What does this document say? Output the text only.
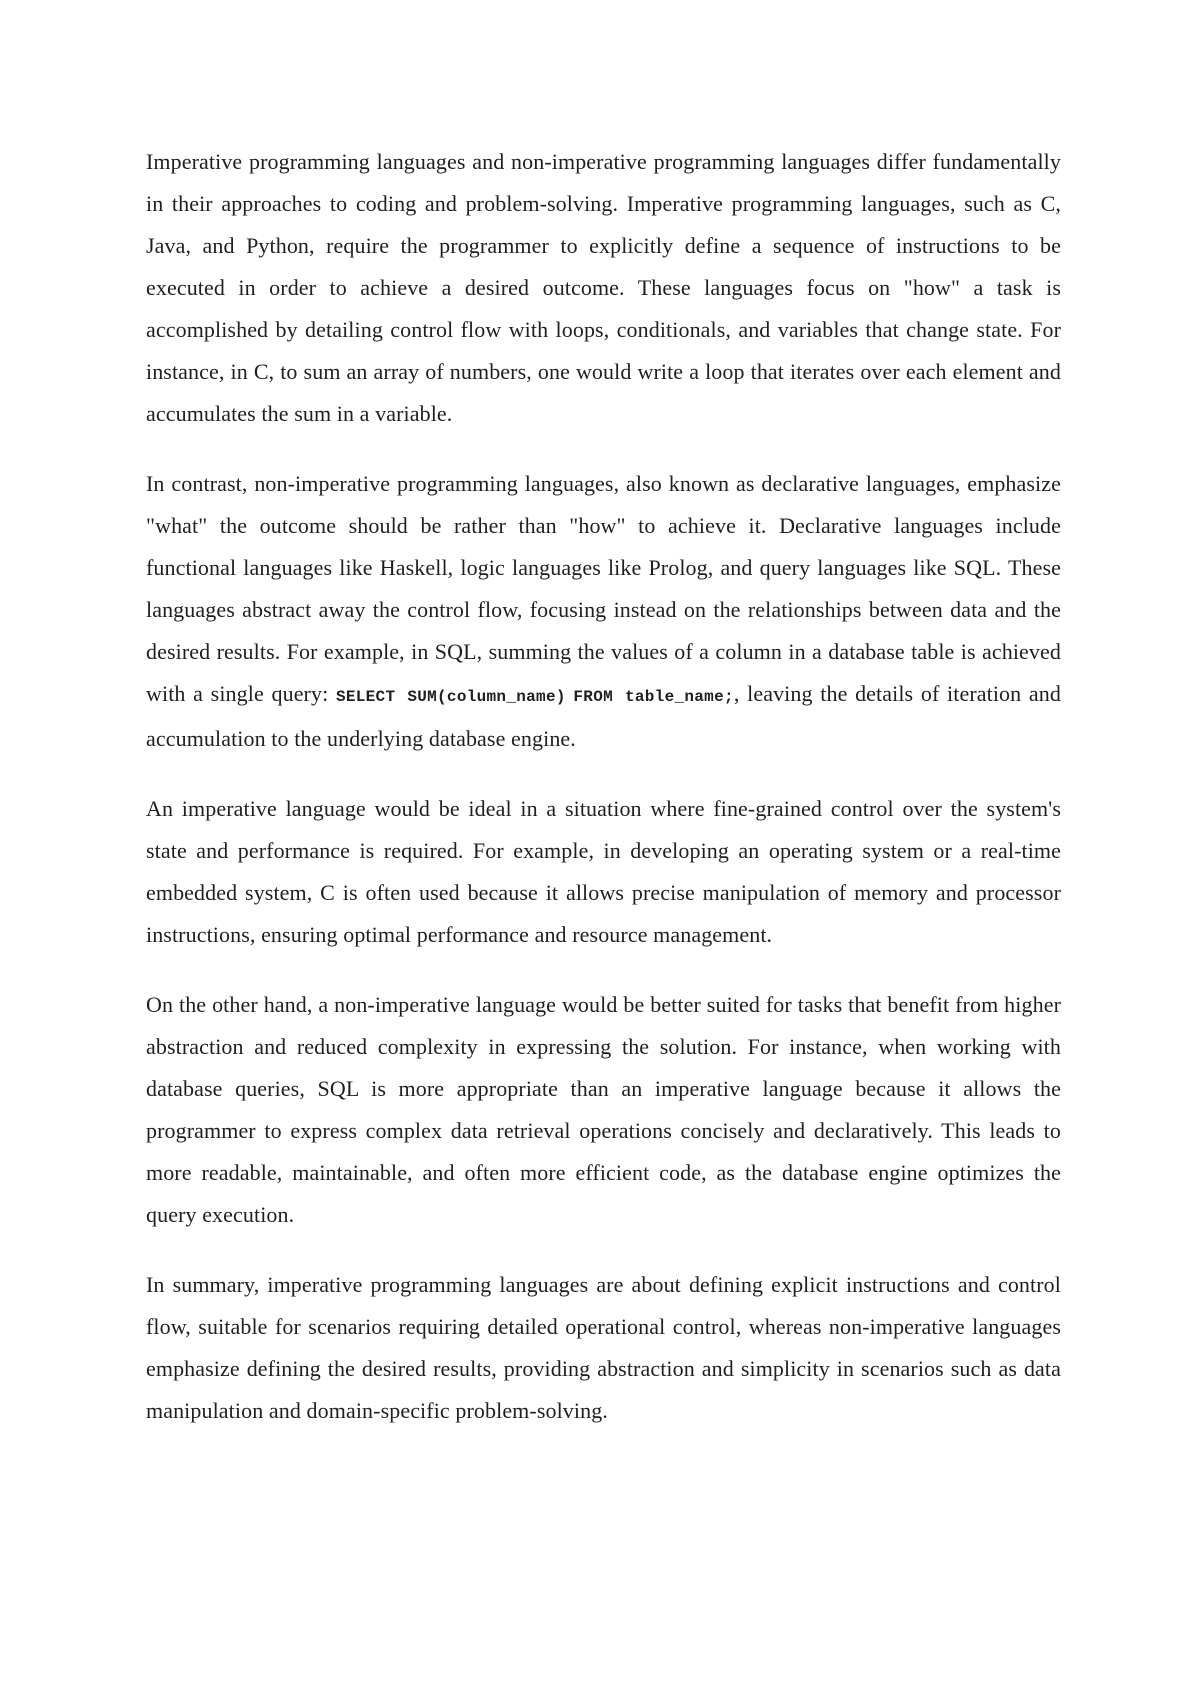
Imperative programming languages and non-imperative programming languages differ fundamentally in their approaches to coding and problem-solving. Imperative programming languages, such as C, Java, and Python, require the programmer to explicitly define a sequence of instructions to be executed in order to achieve a desired outcome. These languages focus on "how" a task is accomplished by detailing control flow with loops, conditionals, and variables that change state. For instance, in C, to sum an array of numbers, one would write a loop that iterates over each element and accumulates the sum in a variable.

In contrast, non-imperative programming languages, also known as declarative languages, emphasize "what" the outcome should be rather than "how" to achieve it. Declarative languages include functional languages like Haskell, logic languages like Prolog, and query languages like SQL. These languages abstract away the control flow, focusing instead on the relationships between data and the desired results. For example, in SQL, summing the values of a column in a database table is achieved with a single query: SELECT SUM(column_name) FROM table_name;, leaving the details of iteration and accumulation to the underlying database engine.

An imperative language would be ideal in a situation where fine-grained control over the system's state and performance is required. For example, in developing an operating system or a real-time embedded system, C is often used because it allows precise manipulation of memory and processor instructions, ensuring optimal performance and resource management.

On the other hand, a non-imperative language would be better suited for tasks that benefit from higher abstraction and reduced complexity in expressing the solution. For instance, when working with database queries, SQL is more appropriate than an imperative language because it allows the programmer to express complex data retrieval operations concisely and declaratively. This leads to more readable, maintainable, and often more efficient code, as the database engine optimizes the query execution.

In summary, imperative programming languages are about defining explicit instructions and control flow, suitable for scenarios requiring detailed operational control, whereas non-imperative languages emphasize defining the desired results, providing abstraction and simplicity in scenarios such as data manipulation and domain-specific problem-solving.
